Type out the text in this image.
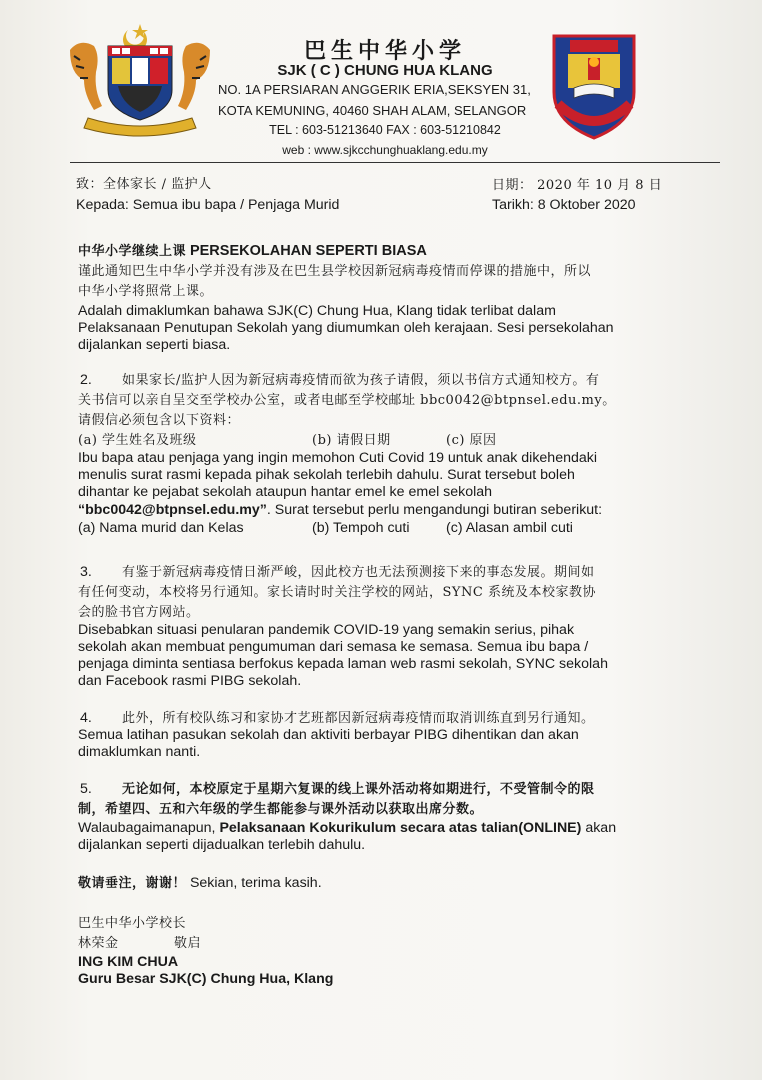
巴生中华小学
SJK ( C ) CHUNG HUA KLANG
NO. 1A PERSIARAN ANGGERIK ERIA,SEKSYEN 31,
KOTA KEMUNING, 40460 SHAH ALAM, SELANGOR
TEL : 603-51213640 FAX : 603-51210842
web : www.sjkcchunghuaklang.edu.my
致：全体家长 / 监护人
Kepada: Semua ibu bapa / Penjaga Murid
日期： 2020 年 10 月 8 日
Tarikh: 8 Oktober 2020
中华小学继续上课 PERSEKOLAHAN SEPERTI BIASA
谨此通知巴生中华小学并没有涉及在巴生县学校因新冠病毒疫情而停课的措施中，所以
中华小学将照常上课。
Adalah dimaklumkan bahawa SJK(C) Chung Hua, Klang tidak terlibat dalam
Pelaksanaan Penutupan Sekolah yang diumumkan oleh kerajaan. Sesi persekolahan
dijalankan seperti biasa.
2. 如果家长/监护人因为新冠病毒疫情而欲为孩子请假，须以书信方式通知校方。有
关书信可以亲自呈交至学校办公室，或者电邮至学校邮址 bbc0042@btpnsel.edu.my。
请假信必须包含以下资料：
(a) 学生姓名及班级	(b) 请假日期	(c) 原因
Ibu bapa atau penjaga yang ingin memohon Cuti Covid 19 untuk anak dikehendaki
menulis surat rasmi kepada pihak sekolah terlebih dahulu. Surat tersebut boleh
dihantar ke pejabat sekolah ataupun hantar emel ke emel sekolah
“bbc0042@btpnsel.edu.my”. Surat tersebut perlu mengandungi butiran seberikut:
(a) Nama murid dan Kelas	(b) Tempoh cuti	(c) Alasan ambil cuti
3. 有鉴于新冠病毒疫情日渐严峻，因此校方也无法预测接下来的事态发展。期间如
有任何变动，本校将另行通知。家长请时时关注学校的网站，SYNC 系统及本校家教协
会的脸书官方网站。
Disebabkan situasi penularan pandemik COVID-19 yang semakin serius, pihak
sekolah akan membuat pengumuman dari semasa ke semasa. Semua ibu bapa /
penjaga diminta sentiasa berfokus kepada laman web rasmi sekolah, SYNC sekolah
dan Facebook rasmi PIBG sekolah.
4. 此外，所有校队练习和家协才艺班都因新冠病毒疫情而取消训练直到另行通知。
Semua latihan pasukan sekolah dan aktiviti berbayar PIBG dihentikan dan akan
dimaklumkan nanti.
5. 无论如何，本校原定于星期六复课的线上课外活动将如期进行，不受管制令的限
制，希望四、五和六年级的学生都能参与课外活动以获取出席分数。
Walaubagaimanapun, Pelaksanaan Kokurikulum secara atas talian(ONLINE) akan
dijalankan seperti dijadualkan terlebih dahulu.
敬请垂注，谢谢！ Sekian, terima kasih.
巴生中华小学校长
林荣金	敬启
ING KIM CHUA
Guru Besar SJK(C) Chung Hua, Klang
